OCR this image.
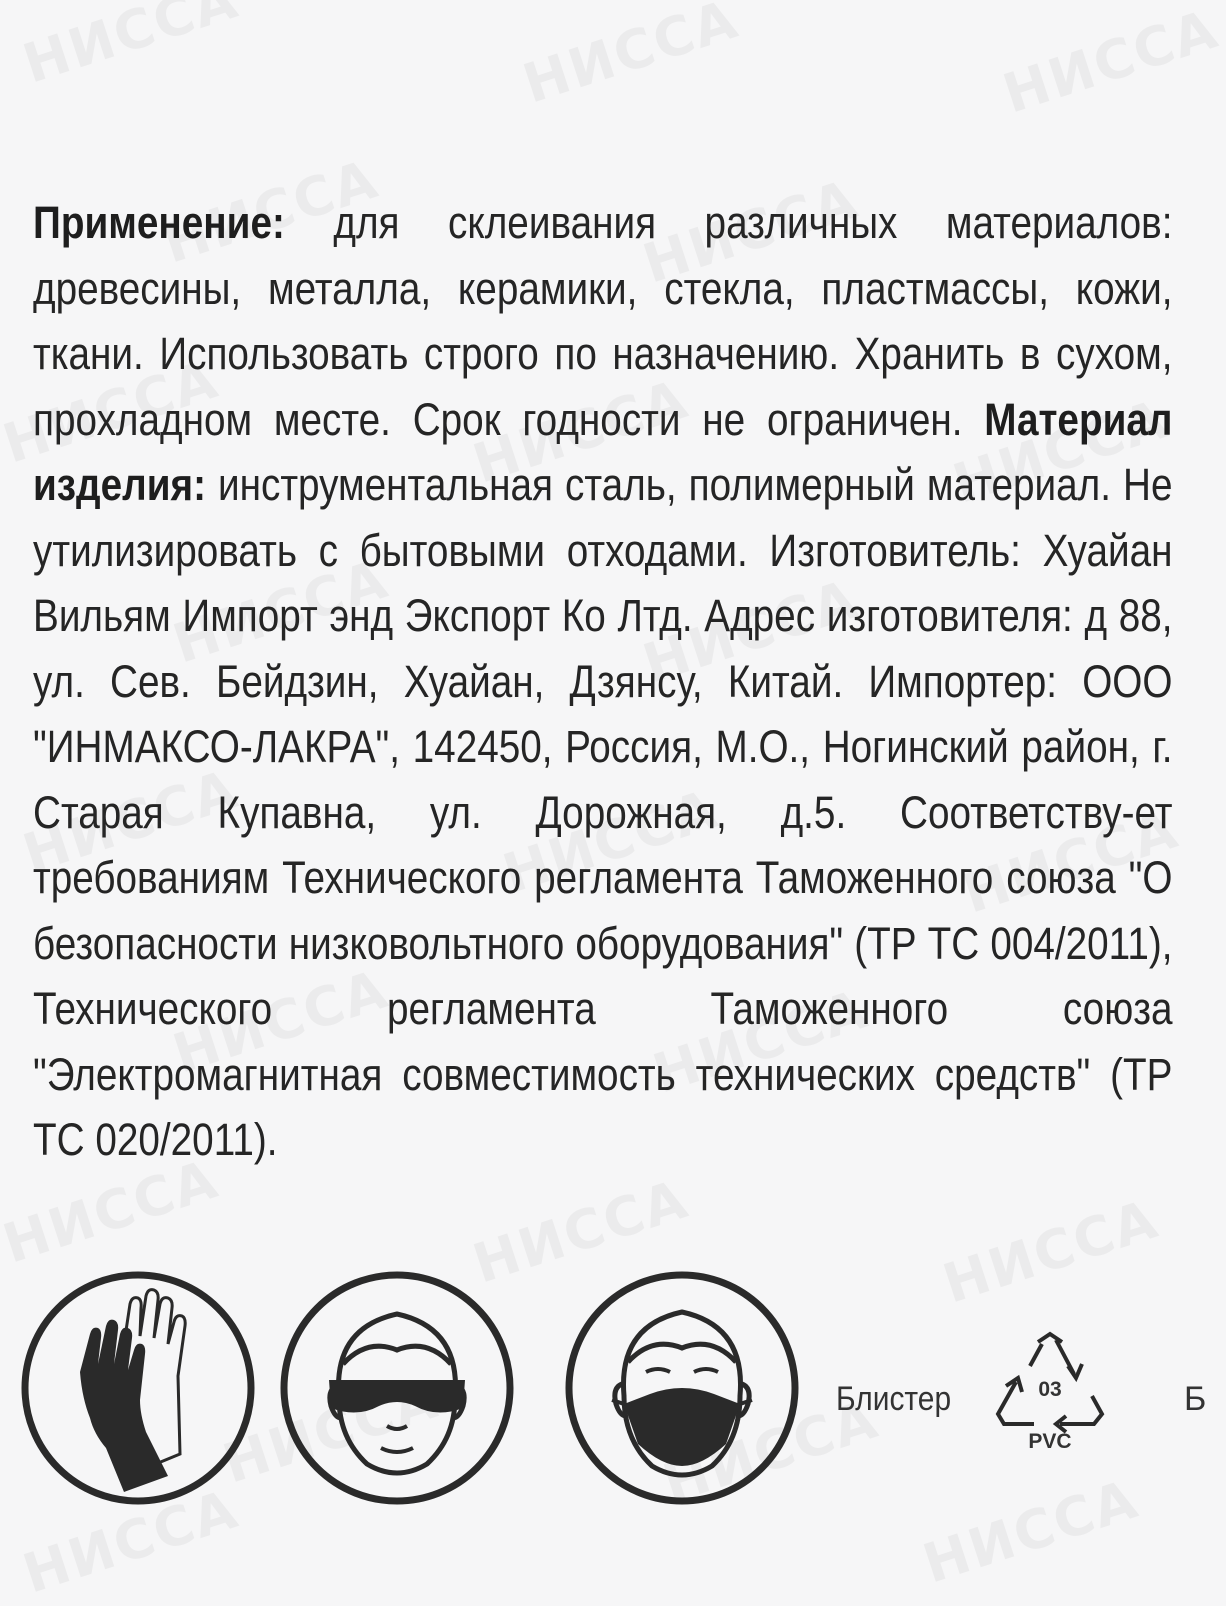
Применение: для склеивания различных материалов: древесины, металла, керамики, стекла, пластмассы, кожи, ткани. Использовать строго по назначению. Хранить в сухом, прохладном месте. Срок годности не ограничен. Материал изделия: инструментальная сталь, полимерный материал. Не утилизировать с бытовыми отходами. Изготовитель: Хуайан Вильям Импорт энд Экспорт Ко Лтд. Адрес изготовителя: д 88, ул. Сев. Бейдзин, Хуайан, Дзянсу, Китай. Импортер: ООО "ИНМАКСО-ЛАКРА", 142450, Россия, М.О., Ногинский район, г. Старая Купавна, ул. Дорожная, д.5. Соответству-ет требованиям Технического регламента Таможенного союза "О безопасности низковольтного оборудования" (ТР ТС 004/2011), Технического регламента Таможенного союза "Электромагнитная совместимость технических средств" (ТР ТС 020/2011).
Блистер	03
PVC
Б
